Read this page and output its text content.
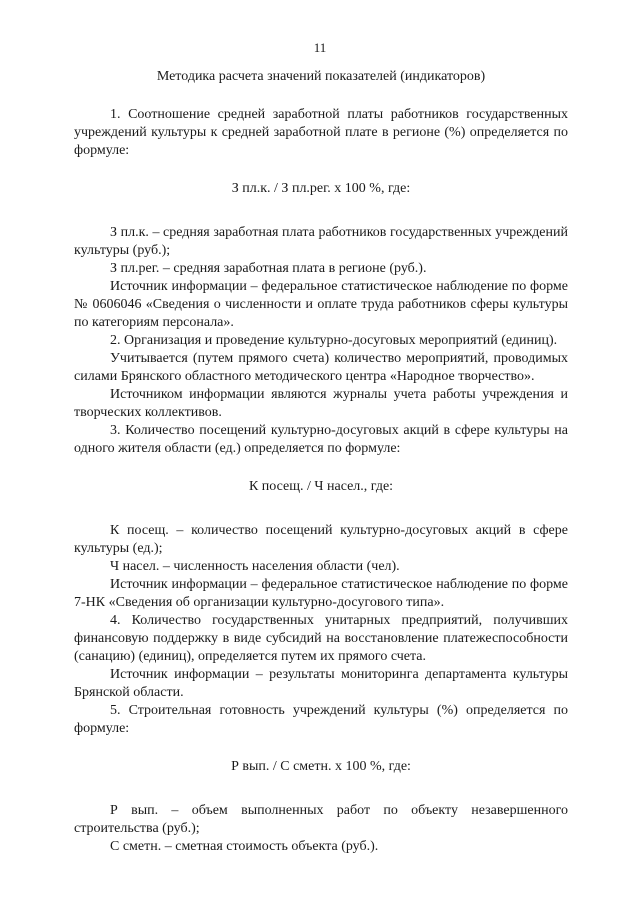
11
Методика расчета значений показателей (индикаторов)

1. Соотношение средней заработной платы работников государственных учреждений культуры к средней заработной плате в регионе (%) определяется по формуле:

З пл.к. / З пл.рег. х 100 %, где:

З пл.к. – средняя заработная плата работников государственных учреждений культуры (руб.);

З пл.рег. – средняя заработная плата в регионе (руб.).

Источник информации – федеральное статистическое наблюдение по форме № 0606046 «Сведения о численности и оплате труда работников сферы культуры по категориям персонала».

2. Организация и проведение культурно-досуговых мероприятий (единиц).

Учитывается (путем прямого счета) количество мероприятий, проводимых силами Брянского областного методического центра «Народное творчество».

Источником информации являются журналы учета работы учреждения и творческих коллективов.

3. Количество посещений культурно-досуговых акций в сфере культуры на одного жителя области (ед.) определяется по формуле:

К посещ. / Ч насел., где:

К посещ. – количество посещений культурно-досуговых акций в сфере культуры (ед.);

Ч насел. – численность населения области (чел).

Источник информации – федеральное статистическое наблюдение по форме 7-НК «Сведения об организации культурно-досугового типа».

4. Количество государственных унитарных предприятий, получивших финансовую поддержку в виде субсидий на восстановление платежеспособности (санацию) (единиц), определяется путем их прямого счета.

Источник информации – результаты мониторинга департамента культуры Брянской области.

5. Строительная готовность учреждений культуры (%) определяется по формуле:

Р вып. / С сметн. х 100 %, где:

Р вып. – объем выполненных работ по объекту незавершенного строительства (руб.);

С сметн. – сметная стоимость объекта (руб.).
